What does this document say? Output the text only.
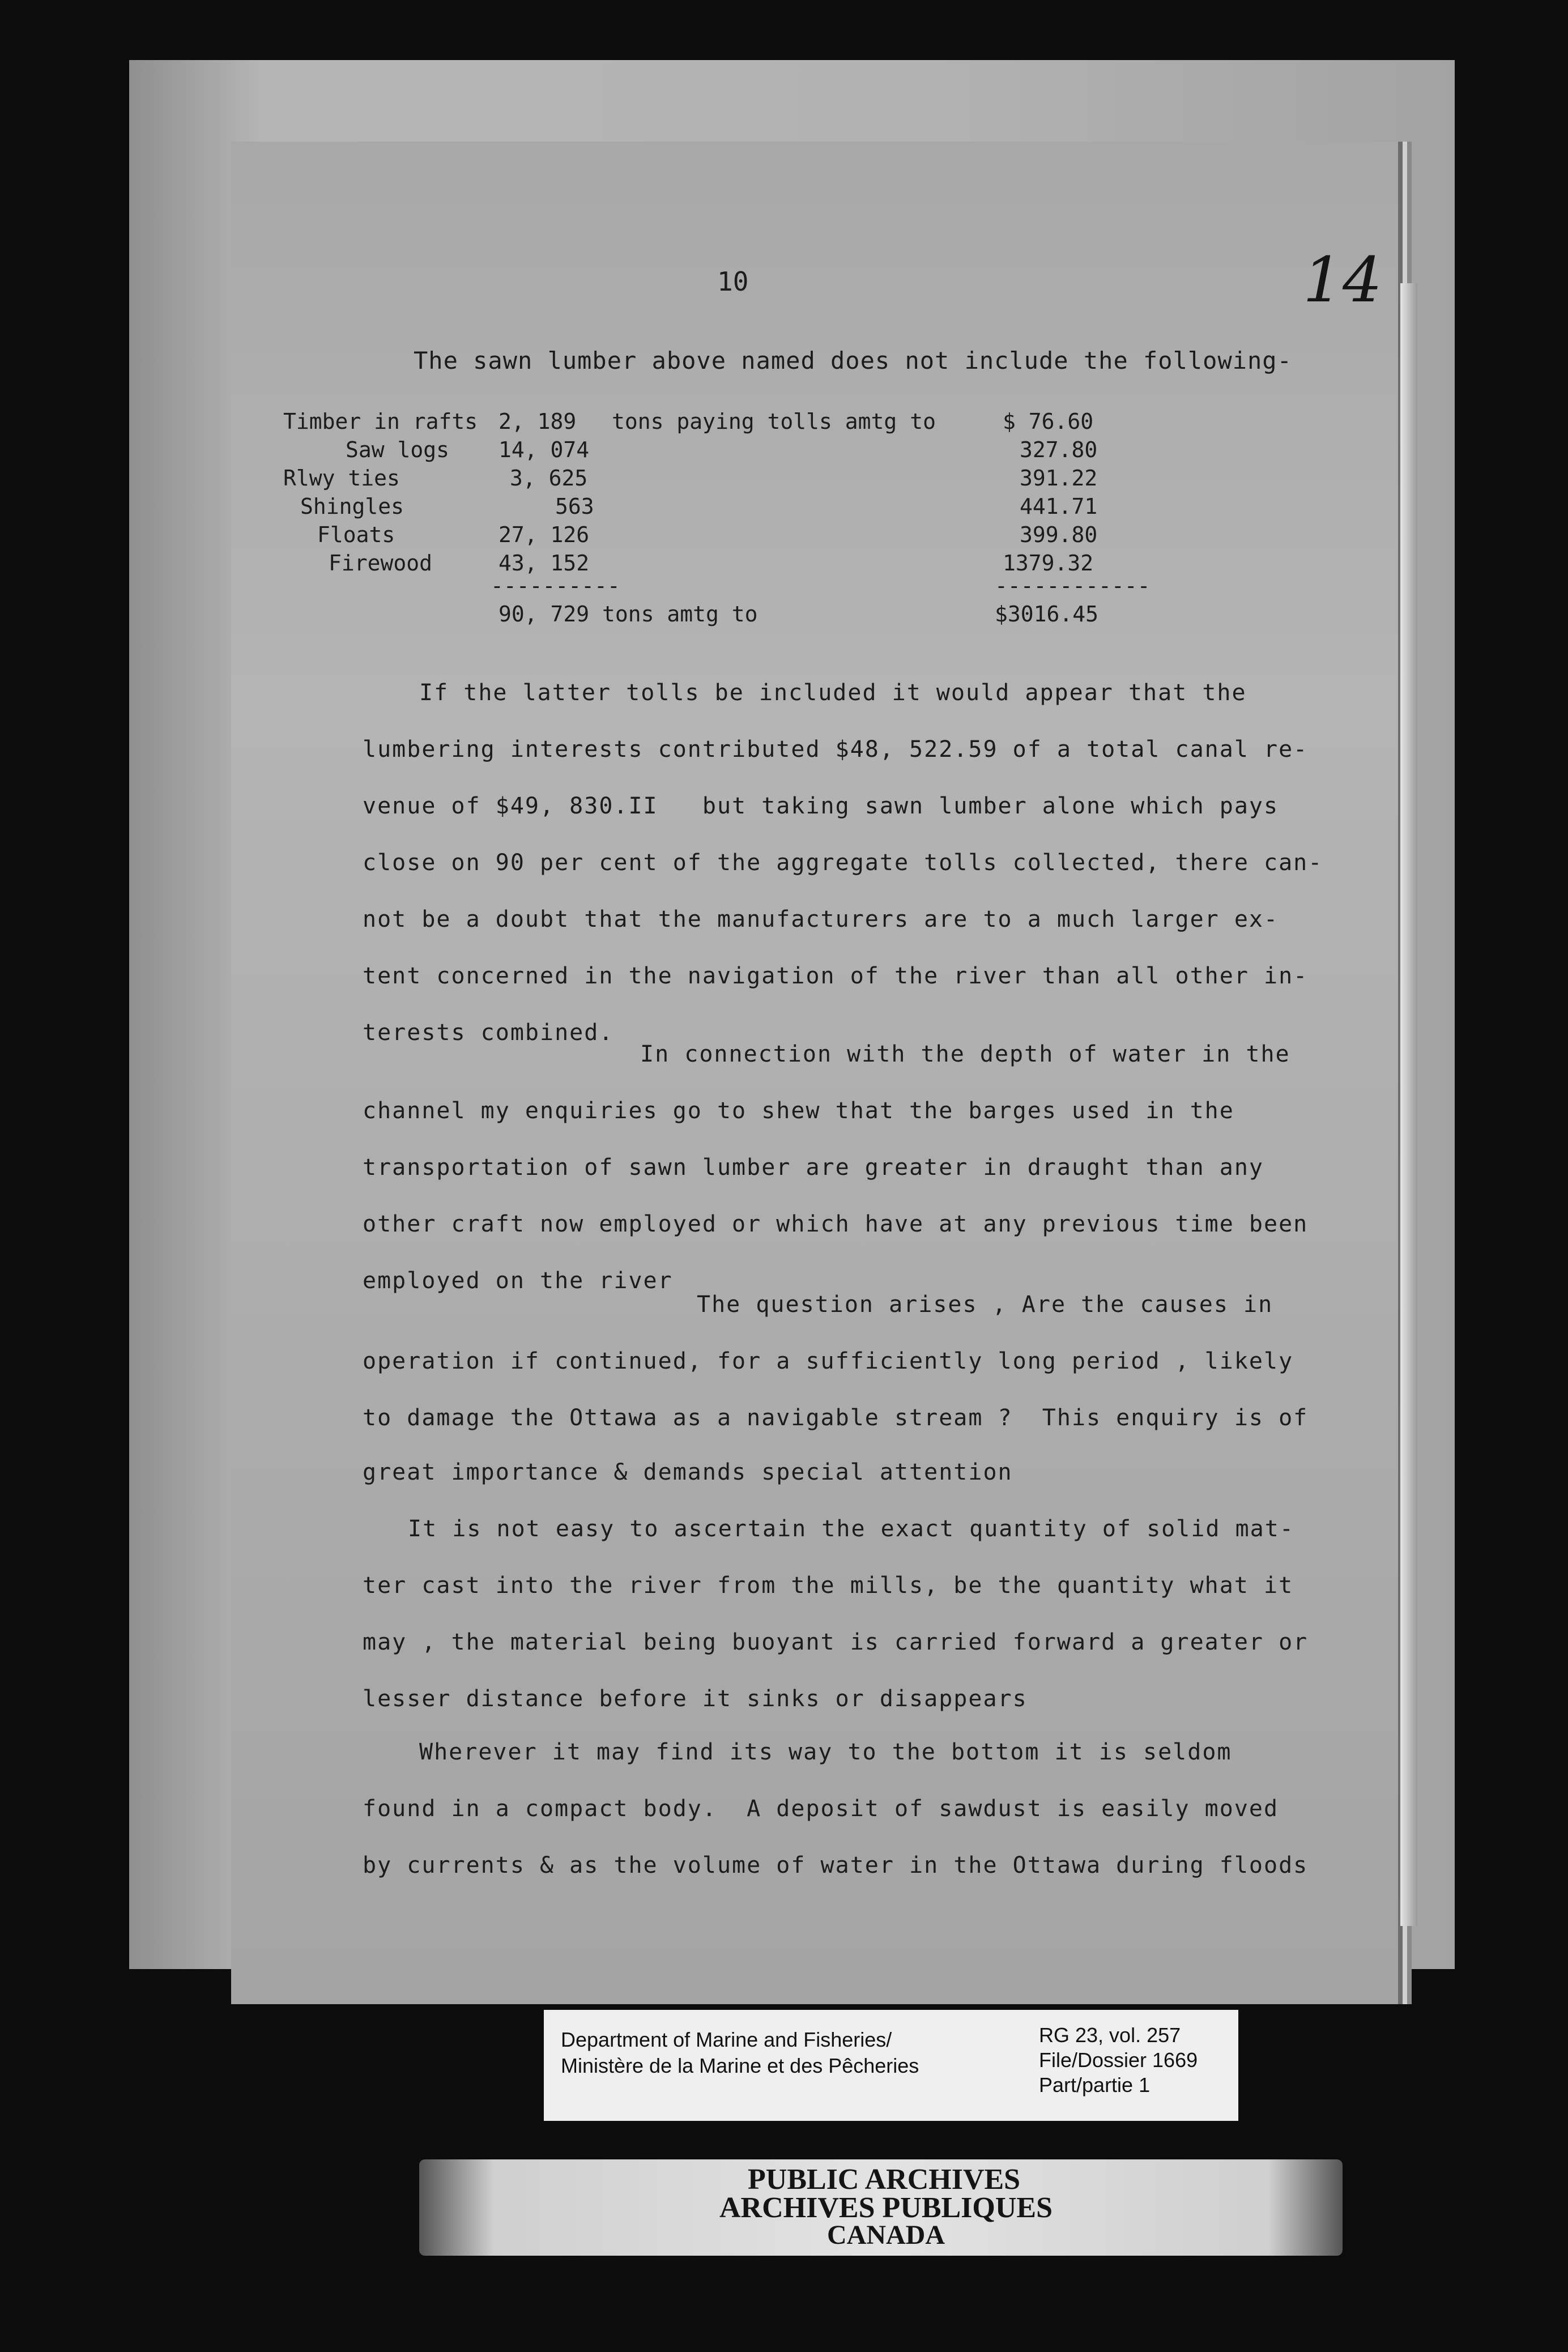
10	14
The sawn lumber above named does not include the following-
Timber in rafts 2, 189 tons paying tolls amtg to	$ 76.60
Saw logs 14, 074	327.80
Rlwy ties	3, 625	391.22
Shingles	563	441.71
Floats	27, 126	399.80
Firewood	43, 152	1379.32
----------	------------
90, 729 tons amtg to	$3016.45
If the latter tolls be included it would appear that the
lumbering interests contributed $48, 522.59 of a total canal re-
venue of $49, 830.II   but taking sawn lumber alone which pays
close on 90 per cent of the aggregate tolls collected, there can-
not be a doubt that the manufacturers are to a much larger ex-
tent concerned in the navigation of the river than all other in-
terests combined.
In connection with the depth of water in the
channel my enquiries go to shew that the barges used in the
transportation of sawn lumber are greater in draught than any
other craft now employed or which have at any previous time been
employed on the river
The question arises , Are the causes in
operation if continued, for a sufficiently long period , likely
to damage the Ottawa as a navigable stream ?  This enquiry is of
great importance & demands special attention
It is not easy to ascertain the exact quantity of solid mat-
ter cast into the river from the mills, be the quantity what it
may , the material being buoyant is carried forward a greater or
lesser distance before it sinks or disappears
Wherever it may find its way to the bottom it is seldom
found in a compact body.  A deposit of sawdust is easily moved
by currents & as the volume of water in the Ottawa during floods
Department of Marine and Fisheries/
Ministère de la Marine et des Pêcheries
RG 23, vol. 257
File/Dossier 1669
Part/partie 1
PUBLIC ARCHIVES
ARCHIVES PUBLIQUES
CANADA
